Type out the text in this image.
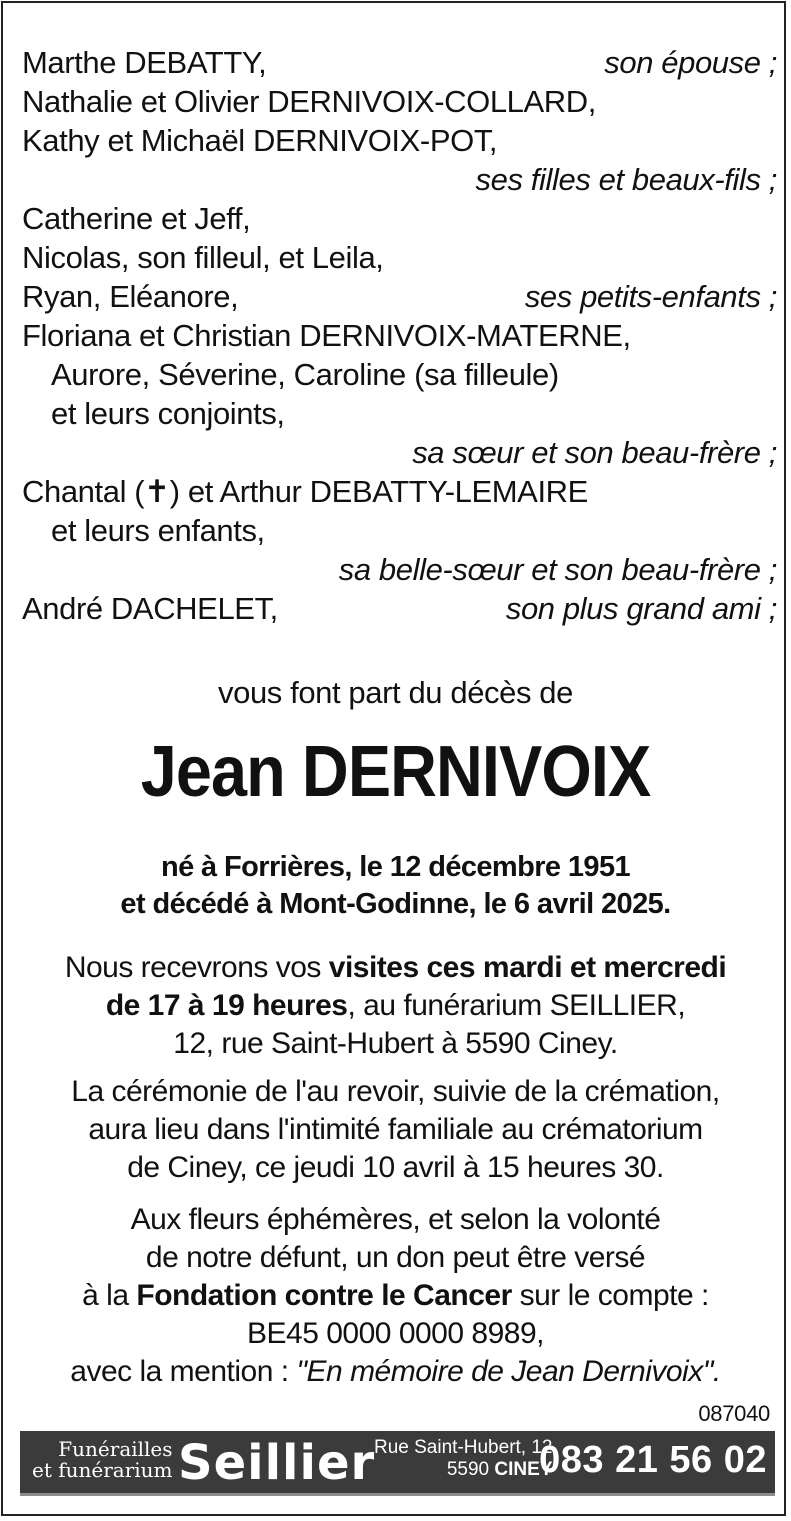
Marthe DEBATTY,	son épouse ;
Nathalie et Olivier DERNIVOIX-COLLARD,
Kathy et Michaël DERNIVOIX-POT,
ses filles et beaux-fils ;
Catherine et Jeff,
Nicolas, son filleul, et Leila,
Ryan, Eléanore,	ses petits-enfants ;
Floriana et Christian DERNIVOIX-MATERNE,
Aurore, Séverine, Caroline (sa filleule)
et leurs conjoints,
sa sœur et son beau-frère ;
Chantal (✝) et Arthur DEBATTY-LEMAIRE
et leurs enfants,
sa belle-sœur et son beau-frère ;
André DACHELET,	son plus grand ami ;
vous font part du décès de
Jean DERNIVOIX
né à Forrières, le 12 décembre 1951
et décédé à Mont-Godinne, le 6 avril 2025.
Nous recevrons vos visites ces mardi et mercredi
de 17 à 19 heures, au funérarium SEILLIER,
12, rue Saint-Hubert à 5590 Ciney.
La cérémonie de l'au revoir, suivie de la crémation,
aura lieu dans l'intimité familiale au crématorium
de Ciney, ce jeudi 10 avril à 15 heures 30.
Aux fleurs éphémères, et selon la volonté
de notre défunt, un don peut être versé
à la Fondation contre le Cancer sur le compte :
BE45 0000 0000 8989,
avec la mention : "En mémoire de Jean Dernivoix".
087040
Funérailles
et funérarium Seillier
Rue Saint-Hubert, 12
5590 CINEY
083 21 56 02
